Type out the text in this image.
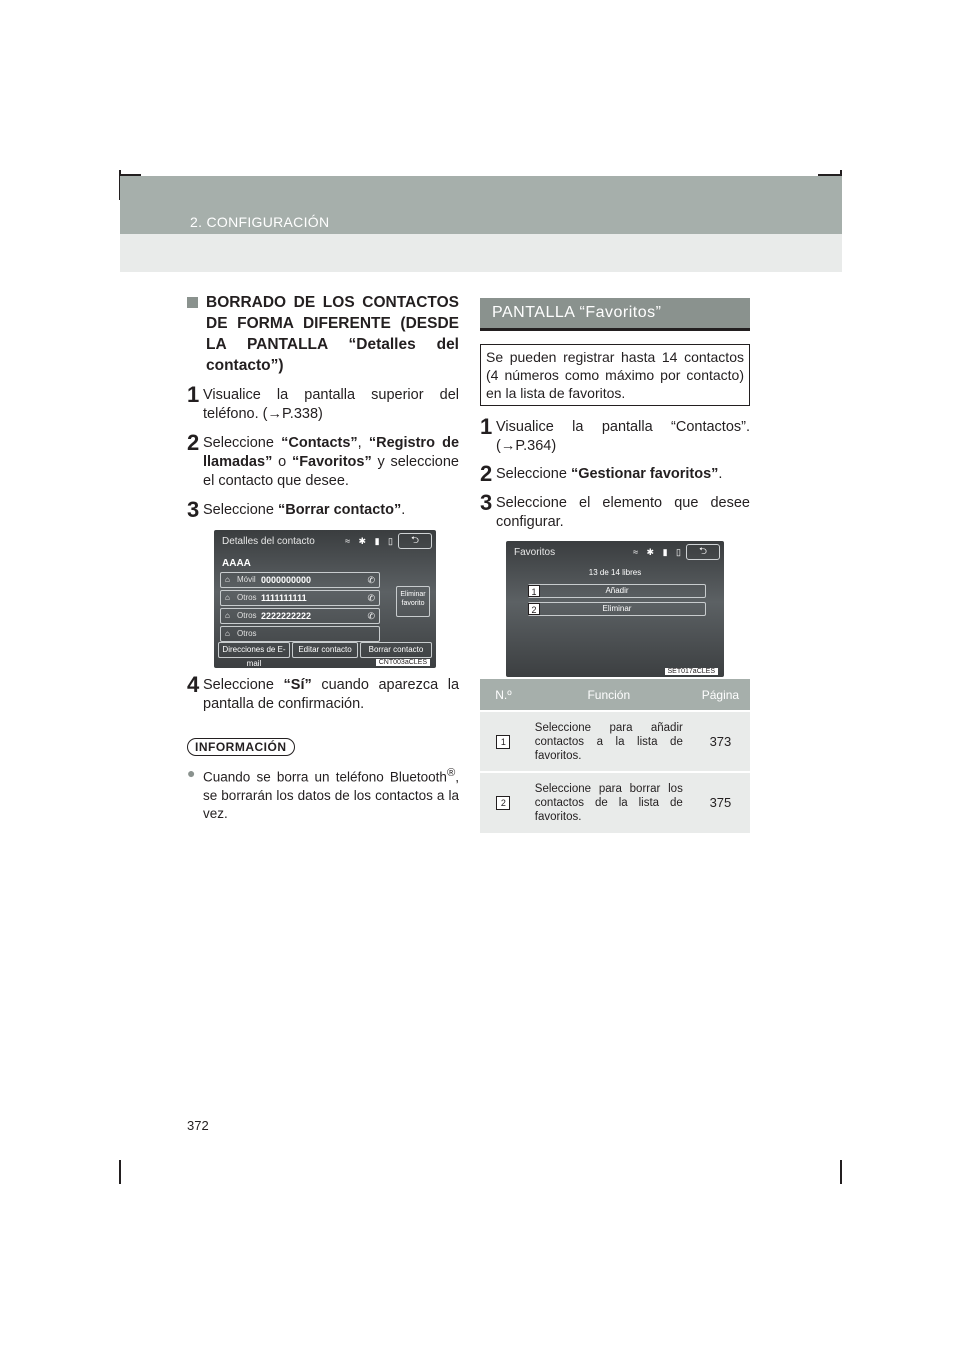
2. CONFIGURACIÓN
BORRADO DE LOS CONTACTOS DE FORMA DIFERENTE (DESDE LA PANTALLA “Detalles del contacto”)
1 Visualice la pantalla superior del teléfono. (→P.338)
2 Seleccione “Contacts”, “Registro de llamadas” o “Favoritos” y seleccione el contacto que desee.
3 Seleccione “Borrar contacto”.
Detalles del contacto	≈ ✱ ▮ ▯	⮌
AAAA
⌂ Móvil 0000000000	✆
⌂ Otros 1111111111	✆
⌂ Otros 2222222222	✆
⌂ Otros
Eliminar favorito
Direcciones de E-mail
Editar contacto	Borrar contacto
CNT003aCLES
4 Seleccione “Sí” cuando aparezca la pantalla de confirmación.
INFORMACIÓN
● Cuando se borra un teléfono Bluetooth®, se borrarán los datos de los contactos a la vez.
PANTALLA “Favoritos”
Se pueden registrar hasta 14 contactos (4 números como máximo por contacto) en la lista de favoritos.
1 Visualice la pantalla “Contactos”. (→P.364)
2 Seleccione “Gestionar favoritos”.
3 Seleccione el elemento que desee configurar.
Favoritos	≈ ✱ ▮ ▯	⮌
13 de 14 libres
Añadir
1
Eliminar
2
SET017aCLES
N.º	Función	Página
1	Seleccione para añadir contactos a la lista de favoritos.	373
2	Seleccione para borrar los contactos de la lista de favoritos.	375
372
